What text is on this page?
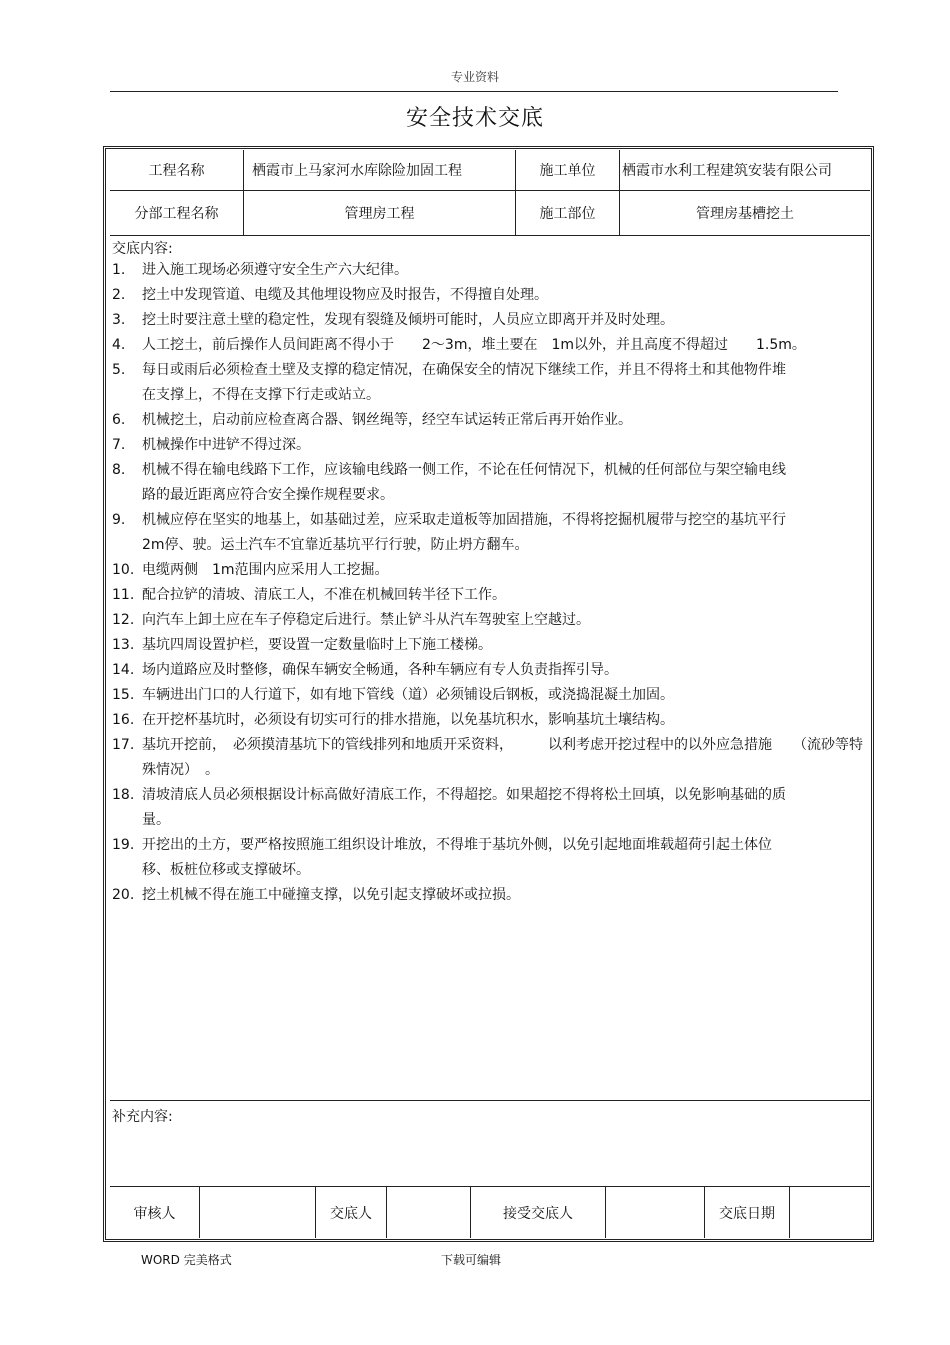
专业资料
安全技术交底
工程名称	栖霞市上马家河水库除险加固工程	施工单位	栖霞市水利工程建筑安装有限公司
分部工程名称	管理房工程	施工部位	管理房基槽挖土
交底内容:
1.	进入施工现场必须遵守安全生产六大纪律。
2.	挖土中发现管道、电缆及其他埋设物应及时报告，不得擅自处理。
3.	挖土时要注意土壁的稳定性，发现有裂缝及倾坍可能时，人员应立即离开并及时处理。
4.	人工挖土，前后操作人员间距离不得小于　　2～3m，堆土要在　1m以外，并且高度不得超过　　1.5m。
5.	每日或雨后必须检查土壁及支撑的稳定情况，在确保安全的情况下继续工作，并且不得将土和其他物件堆在支撑上，不得在支撑下行走或站立。
6.	机械挖土，启动前应检查离合器、钢丝绳等，经空车试运转正常后再开始作业。
7.	机械操作中进铲不得过深。
8.	机械不得在输电线路下工作，应该输电线路一侧工作，不论在任何情况下，机械的任何部位与架空输电线路的最近距离应符合安全操作规程要求。
9.	机械应停在坚实的地基上，如基础过差，应采取走道板等加固措施，不得将挖掘机履带与挖空的基坑平行　2m停、驶。运土汽车不宜靠近基坑平行行驶，防止坍方翻车。
10. 电缆两侧　1m范围内应采用人工挖掘。
11. 配合拉铲的清坡、清底工人，不准在机械回转半径下工作。
12. 向汽车上卸土应在车子停稳定后进行。禁止铲斗从汽车驾驶室上空越过。
13. 基坑四周设置护栏，要设置一定数量临时上下施工楼梯。
14. 场内道路应及时整修，确保车辆安全畅通，各种车辆应有专人负责指挥引导。
15. 车辆进出门口的人行道下，如有地下管线（道）必须铺设后钢板，或浇捣混凝土加固。
16. 在开挖杯基坑时，必须设有切实可行的排水措施，以免基坑积水，影响基坑土壤结构。
17. 基坑开挖前，　必须摸清基坑下的管线排列和地质开采资料，　　　以利考虑开挖过程中的以外应急措施　　（流砂等特殊情况）　。
18. 清坡清底人员必须根据设计标高做好清底工作，不得超挖。如果超挖不得将松土回填，以免影响基础的质量。
19. 开挖出的土方，要严格按照施工组织设计堆放，不得堆于基坑外侧，以免引起地面堆载超荷引起土体位移、板桩位移或支撑破坏。
20. 挖土机械不得在施工中碰撞支撑，以免引起支撑破坏或拉损。
补充内容:
审核人	交底人	接受交底人	交底日期
WORD 完美格式	下载可编辑
